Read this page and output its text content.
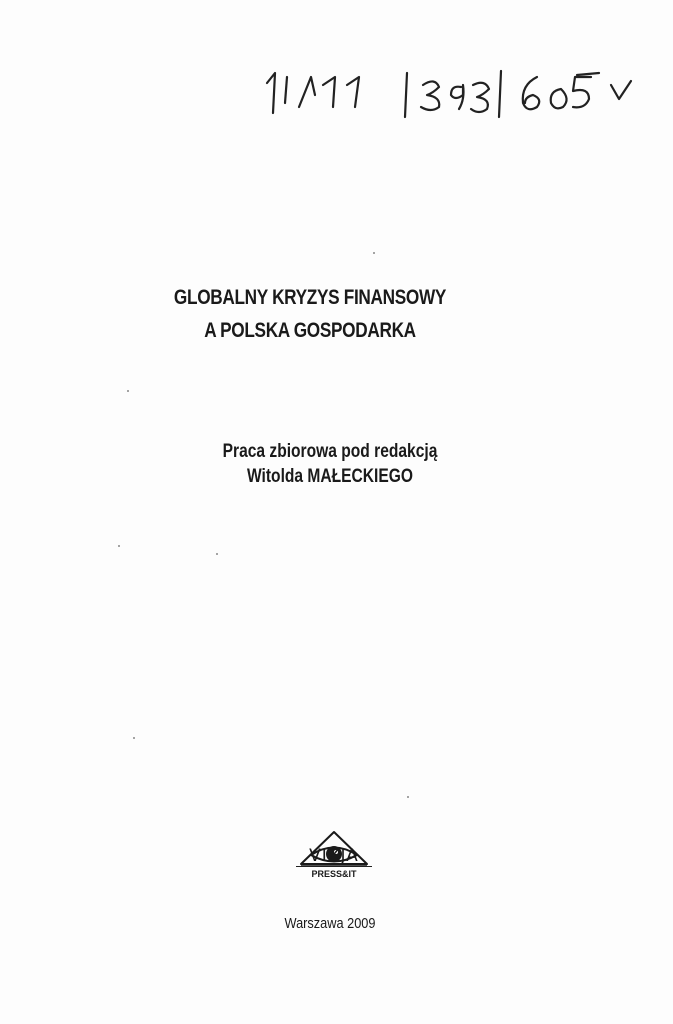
GLOBALNY KRYZYS FINANSOWY
A POLSKA GOSPODARKA
Praca zbiorowa pod redakcją
Witolda MAŁECKIEGO
VIZJA
PRESS&IT
Warszawa 2009
